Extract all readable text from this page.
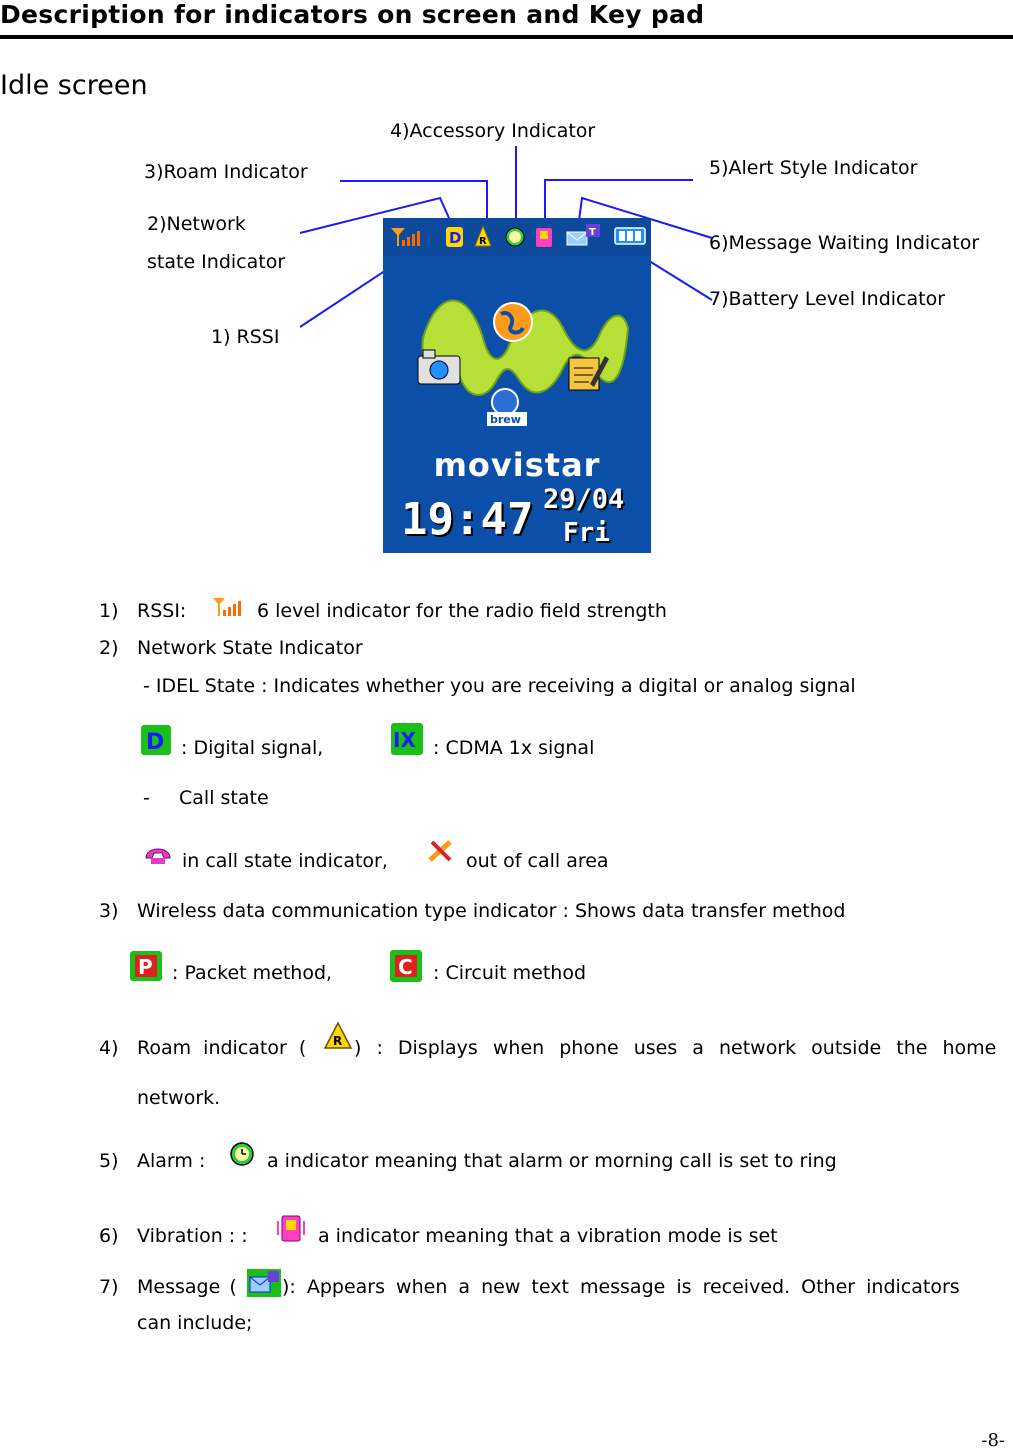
Description for indicators on screen and Key pad
Idle screen
4)Accessory Indicator
3)Roam Indicator	5)Alert Style Indicator
2)Network
state Indicator
6)Message Waiting Indicator
7)Battery Level Indicator
1) RSSI
D R
T
brew
movistar
19:47 29/04
Fri
1) RSSI:	6 level indicator for the radio field strength
2) Network State Indicator
- IDEL State : Indicates whether you are receiving a digital or analog signal
D : Digital signal,	IX : CDMA 1x signal
- Call state
in call state indicator,	out of call area
3) Wireless data communication type indicator : Shows data transfer method
P : Packet method,	C : Circuit method
4) Roam indicator ( R ) : Displays when phone uses a network outside the home
network.
5) Alarm :	a indicator meaning that alarm or morning call is set to ring
6) Vibration : :	a indicator meaning that a vibration mode is set
7) Message ( ): Appears when a new text message is received. Other indicators
can include;
-8-
